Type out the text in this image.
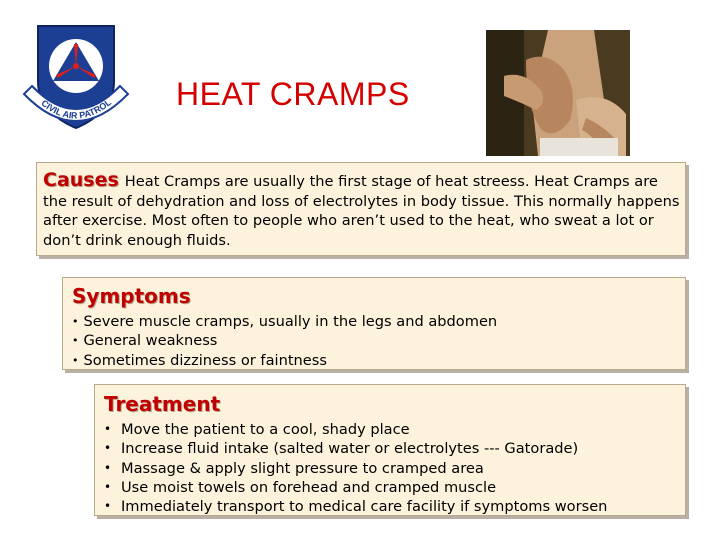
CIVIL AIR PATROL HEAT CRAMPS

Causes Heat Cramps are usually the first stage of heat streess. Heat Cramps are the result of dehydration and loss of electrolytes in body tissue. This normally happens after exercise. Most often to people who aren’t used to the heat, who sweat a lot or don’t drink enough fluids.

Symptoms
• Severe muscle cramps, usually in the legs and abdomen
• General weakness
• Sometimes dizziness or faintness
Treatment
• Move the patient to a cool, shady place
• Increase fluid intake (salted water or electrolytes --- Gatorade)
• Massage & apply slight pressure to cramped area
• Use moist towels on forehead and cramped muscle
• Immediately transport to medical care facility if symptoms worsen
